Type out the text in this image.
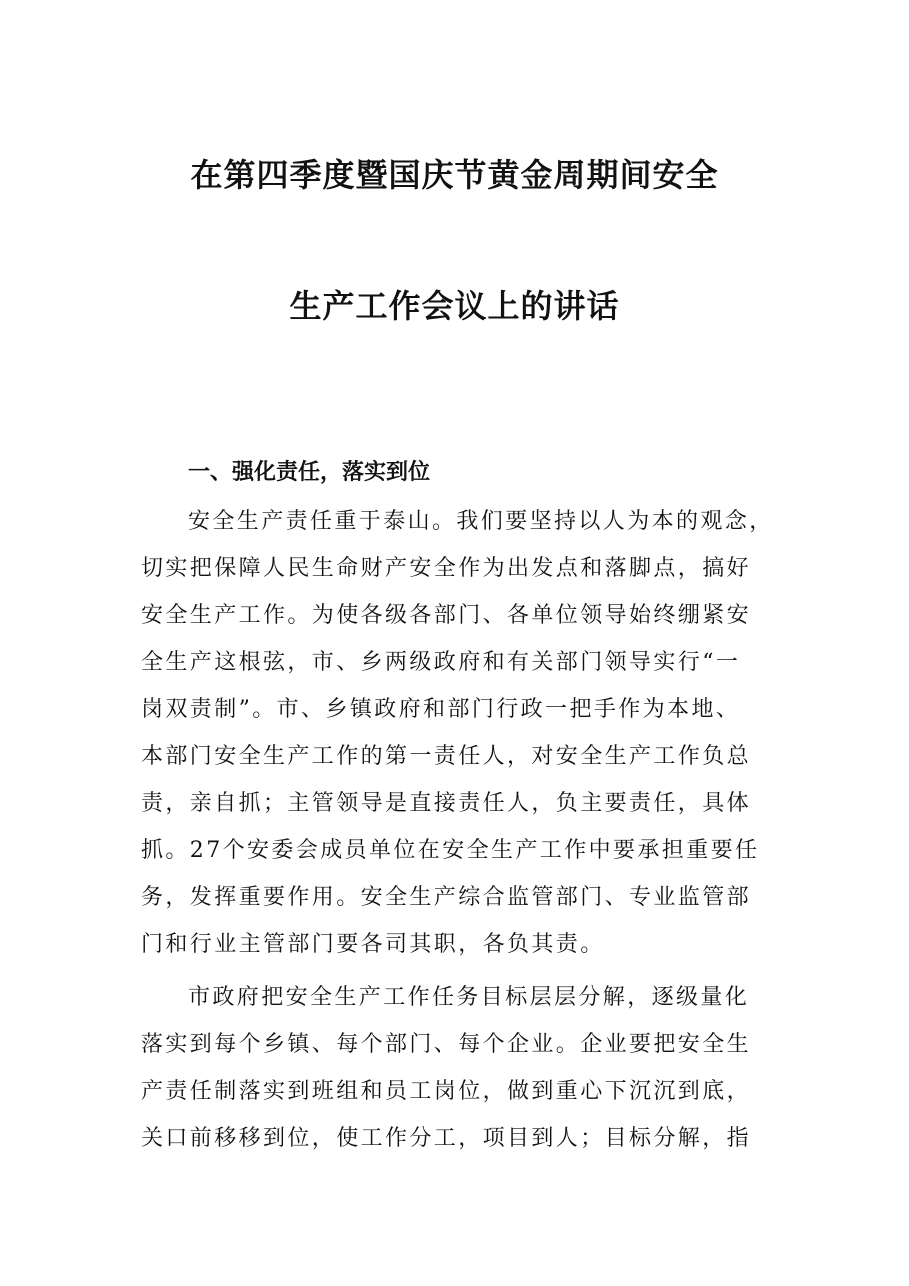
在第四季度暨国庆节黄金周期间安全
生产工作会议上的讲话
一、强化责任，落实到位
安全生产责任重于泰山。我们要坚持以人为本的观念，
切实把保障人民生命财产安全作为出发点和落脚点，搞好
安全生产工作。为使各级各部门、各单位领导始终绷紧安
全生产这根弦，市、乡两级政府和有关部门领导实行“一
岗双责制”。市、乡镇政府和部门行政一把手作为本地、
本部门安全生产工作的第一责任人，对安全生产工作负总
责，亲自抓；主管领导是直接责任人，负主要责任，具体
抓。27个安委会成员单位在安全生产工作中要承担重要任
务，发挥重要作用。安全生产综合监管部门、专业监管部
门和行业主管部门要各司其职，各负其责。
市政府把安全生产工作任务目标层层分解，逐级量化
落实到每个乡镇、每个部门、每个企业。企业要把安全生
产责任制落实到班组和员工岗位，做到重心下沉沉到底，
关口前移移到位，使工作分工，项目到人；目标分解，指
